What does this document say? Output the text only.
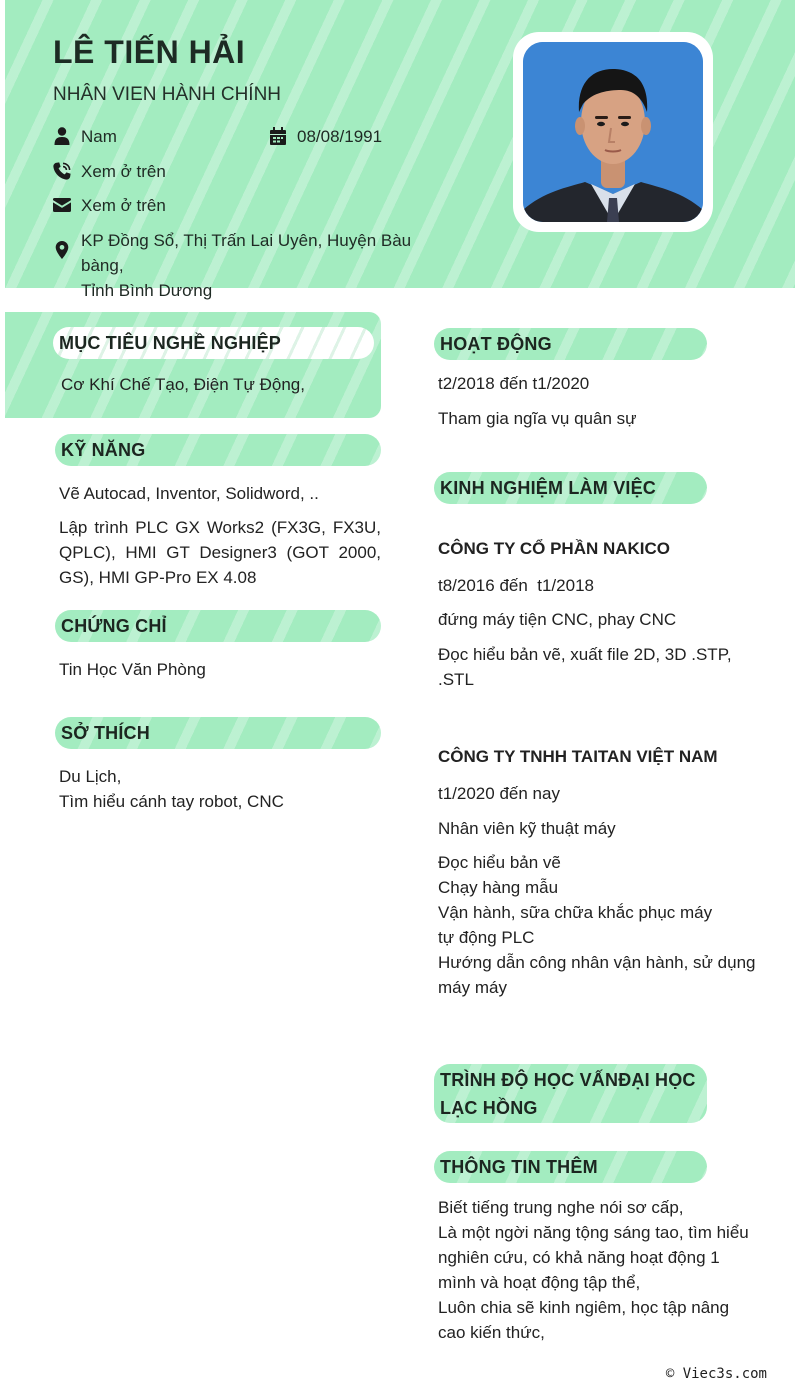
LÊ TIẾN HẢI
NHÂN VIEN HÀNH CHÍNH
Nam	08/08/1991
Xem ở trên
Xem ở trên
KP Đồng Sổ, Thị Trấn Lai Uyên, Huyện Bàu bàng,
Tỉnh Bình Dương
MỤC TIÊU NGHỀ NGHIỆP
Cơ Khí Chế Tạo, Điện Tự Động,
KỸ NĂNG
Vẽ Autocad, Inventor, Solidword, ..
Lập trình PLC GX Works2 (FX3G, FX3U, QPLC), HMI GT Designer3 (GOT 2000, GS), HMI GP-Pro EX 4.08
CHỨNG CHỈ
Tin Học Văn Phòng
SỞ THÍCH
Du Lịch,
Tìm hiểu cánh tay robot, CNC
HOẠT ĐỘNG
t2/2018 đến t1/2020
Tham gia ngĩa vụ quân sự
KINH NGHIỆM LÀM VIỆC
CÔNG TY CỔ PHẦN NAKICO
t8/2016 đến  t1/2018
đứng máy tiện CNC, phay CNC
Đọc hiểu bản vẽ, xuất file 2D, 3D .STP, .STL
CÔNG TY TNHH TAITAN VIỆT NAM
t1/2020 đến nay
Nhân viên kỹ thuật máy
Đọc hiểu bản vẽ
Chạy hàng mẫu
Vận hành, sữa chữa khắc phục máy tự động PLC
Hướng dẫn công nhân vận hành, sử dụng máy máy
TRÌNH ĐỘ HỌC VẤNĐẠI HỌC LẠC HỒNG
THÔNG TIN THÊM
Biết tiếng trung nghe nói sơ cấp,
Là một ngời năng tộng sáng tao, tìm hiểu nghiên cứu, có khả năng hoạt động 1 mình và hoạt động tập thể,
Luôn chia sẽ kinh ngiêm, học tập nâng cao kiến thức,
© Viec3s.com
